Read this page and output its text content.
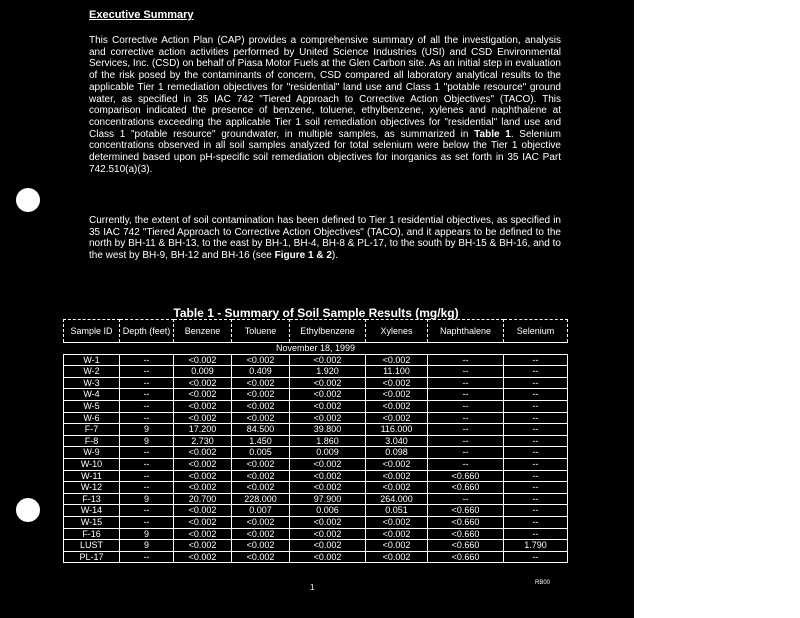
Executive Summary

This Corrective Action Plan (CAP) provides a comprehensive summary of all the investigation, analysis and corrective action activities performed by United Science Industries (USI) and CSD Environmental Services, Inc. (CSD) on behalf of Piasa Motor Fuels at the Glen Carbon site. As an initial step in evaluation of the risk posed by the contaminants of concern, CSD compared all laboratory analytical results to the applicable Tier 1 remediation objectives for "residential" land use and Class 1 "potable resource" ground water, as specified in 35 IAC 742 "Tiered Approach to Corrective Action Objectives" (TACO). This comparison indicated the presence of benzene, toluene, ethylbenzene, xylenes and naphthalene at concentrations exceeding the applicable Tier 1 soil remediation objectives for "residential" land use and Class 1 "potable resource" groundwater, in multiple samples, as summarized in Table 1. Selenium concentrations observed in all soil samples analyzed for total selenium were below the Tier 1 objective determined based upon pH-specific soil remediation objectives for inorganics as set forth in 35 IAC Part 742.510(a)(3).

Currently, the extent of soil contamination has been defined to Tier 1 residential objectives, as specified in 35 IAC 742 "Tiered Approach to Corrective Action Objectives" (TACO), and it appears to be defined to the north by BH-11 & BH-13, to the east by BH-1, BH-4, BH-8 & PL-17, to the south by BH-15 & BH-16, and to the west by BH-9, BH-12 and BH-16 (see Figure 1 & 2).

Table 1 - Summary of Soil Sample Results (mg/kg)
Sample ID	Depth (feet)	Benzene	Toluene	Ethylbenzene	Xylenes	Naphthalene	Selenium
November 18, 1999							
W-1	--	<0.002	<0.002	<0.002	<0.002	--	--
W-2	--	0.009	0.409	1.920	11.100	--	--
W-3	--	<0.002	<0.002	<0.002	<0.002	--	--
W-4	--	<0.002	<0.002	<0.002	<0.002	--	--
W-5	--	<0.002	<0.002	<0.002	<0.002	--	--
W-6	--	<0.002	<0.002	<0.002	<0.002	--	--
F-7	9	17.200	84.500	39.800	116.000	--	--
F-8	9	2.730	1.450	1.860	3.040	--	--
W-9	--	<0.002	0.005	0.009	0.098	--	--
W-10	--	<0.002	<0.002	<0.002	<0.002	--	--
W-11	--	<0.002	<0.002	<0.002	<0.002	<0.660	--
W-12	--	<0.002	<0.002	<0.002	<0.002	<0.660	--
F-13	9	20.700	228.000	97.900	264.000	--	--
W-14	--	<0.002	0.007	0.006	0.051	<0.660	--
W-15	--	<0.002	<0.002	<0.002	<0.002	<0.660	--
F-16	9	<0.002	<0.002	<0.002	<0.002	<0.660	--
LUST	9	<0.002	<0.002	<0.002	<0.002	<0.660	1.790
PL-17	--	<0.002	<0.002	<0.002	<0.002	<0.660	--
1	RB00
